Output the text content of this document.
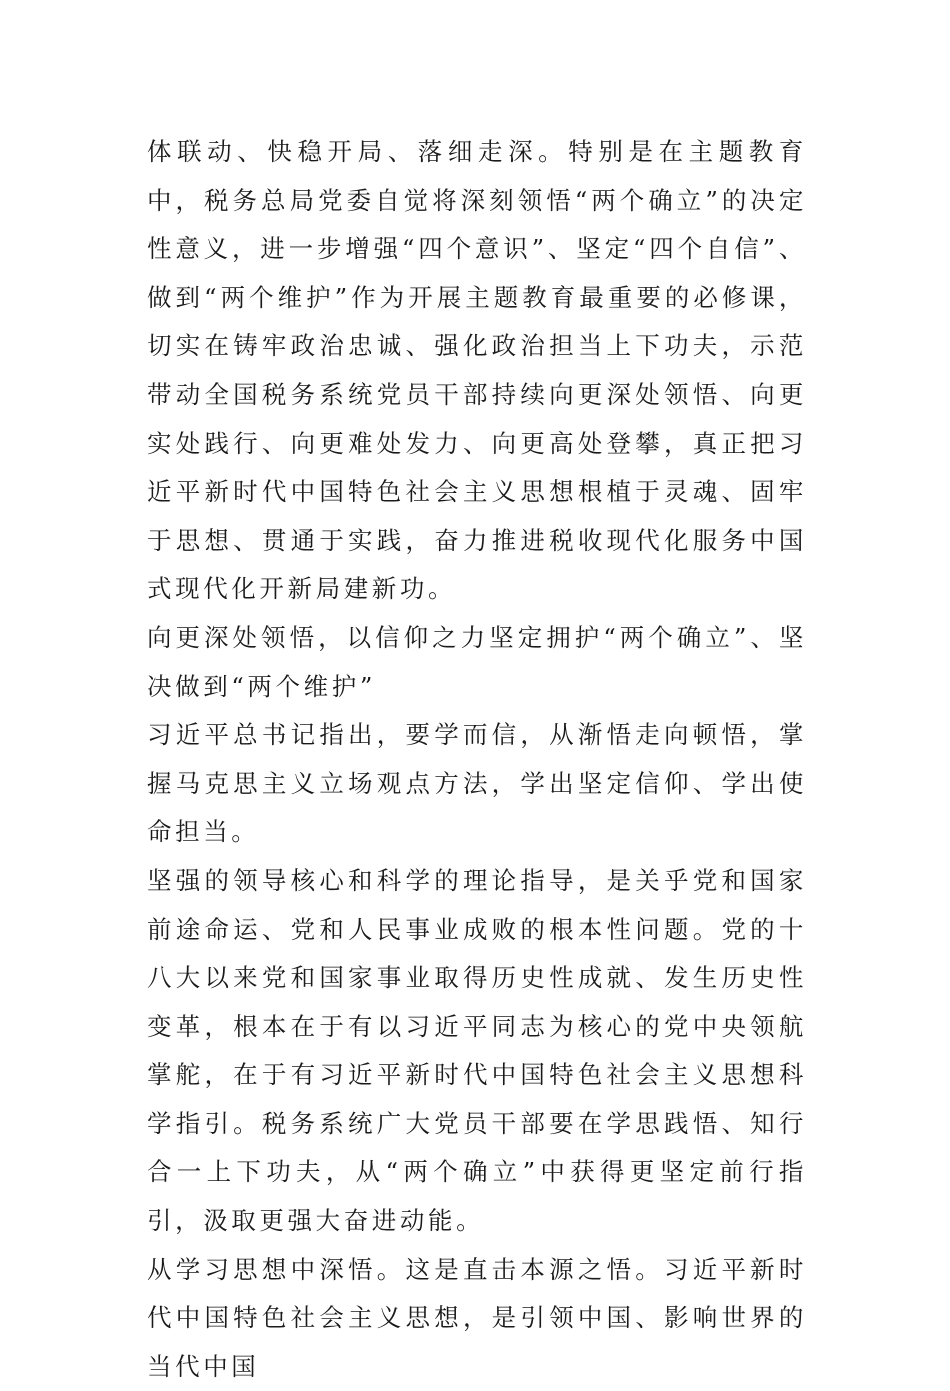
体联动、快稳开局、落细走深。特别是在主题教育中，税务总局党委自觉将深刻领悟“两个确立”的决定性意义，进一步增强“四个意识”、坚定“四个自信”、做到“两个维护”作为开展主题教育最重要的必修课，切实在铸牢政治忠诚、强化政治担当上下功夫，示范带动全国税务系统党员干部持续向更深处领悟、向更实处践行、向更难处发力、向更高处登攀，真正把习近平新时代中国特色社会主义思想根植于灵魂、固牢于思想、贯通于实践，奋力推进税收现代化服务中国式现代化开新局建新功。

向更深处领悟，以信仰之力坚定拥护“两个确立”、坚决做到“两个维护”

习近平总书记指出，要学而信，从渐悟走向顿悟，掌握马克思主义立场观点方法，学出坚定信仰、学出使命担当。

坚强的领导核心和科学的理论指导，是关乎党和国家前途命运、党和人民事业成败的根本性问题。党的十八大以来党和国家事业取得历史性成就、发生历史性变革，根本在于有以习近平同志为核心的党中央领航掌舵，在于有习近平新时代中国特色社会主义思想科学指引。税务系统广大党员干部要在学思践悟、知行合一上下功夫，从“两个确立”中获得更坚定前行指引，汲取更强大奋进动能。

从学习思想中深悟。这是直击本源之悟。习近平新时代中国特色社会主义思想，是引领中国、影响世界的当代中国
